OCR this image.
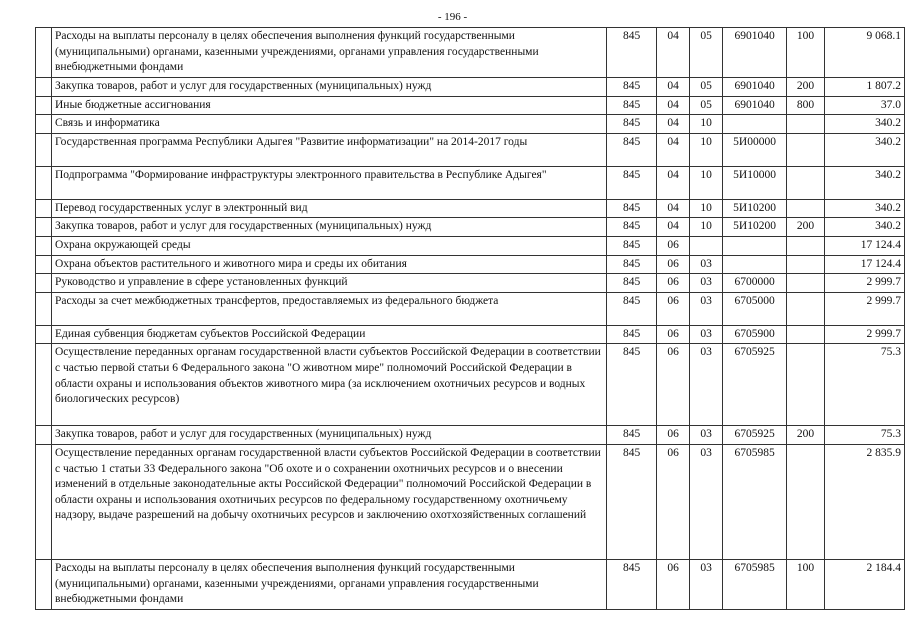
- 196 -
	Расходы на выплаты персоналу в целях обеспечения выполнения функций государственными (муниципальными) органами, казенными учреждениями, органами управления государственными внебюджетными фондами	845	04	05	6901040	100	9 068.1
	Закупка товаров, работ и услуг для государственных (муниципальных) нужд	845	04	05	6901040	200	1 807.2
	Иные бюджетные ассигнования	845	04	05	6901040	800	37.0
	Связь и информатика	845	04	10			340.2
	Государственная программа Республики Адыгея "Развитие информатизации" на 2014-2017 годы	845	04	10	5И00000		340.2
	Подпрограмма "Формирование инфраструктуры электронного правительства в Республике Адыгея"	845	04	10	5И10000		340.2
	Перевод государственных услуг в электронный вид	845	04	10	5И10200		340.2
	Закупка товаров, работ и услуг для государственных (муниципальных) нужд	845	04	10	5И10200	200	340.2
	Охрана окружающей среды	845	06				17 124.4
	Охрана объектов растительного и животного мира и среды их обитания	845	06	03			17 124.4
	Руководство и управление в сфере установленных функций	845	06	03	6700000		2 999.7
	Расходы за счет межбюджетных трансфертов, предоставляемых из федерального бюджета	845	06	03	6705000		2 999.7
	Единая субвенция бюджетам субъектов Российской Федерации	845	06	03	6705900		2 999.7
	Осуществление переданных органам государственной власти субъектов Российской Федерации в соответствии с частью первой статьи 6 Федерального закона "О животном мире" полномочий Российской Федерации в области охраны и использования объектов животного мира (за исключением охотничьих ресурсов и водных биологических ресурсов)	845	06	03	6705925		75.3
	Закупка товаров, работ и услуг для государственных (муниципальных) нужд	845	06	03	6705925	200	75.3
	Осуществление переданных органам государственной власти субъектов Российской Федерации в соответствии с частью 1 статьи 33 Федерального закона "Об охоте и о сохранении охотничьих ресурсов и о внесении изменений в отдельные законодательные акты Российской Федерации" полномочий Российской Федерации в области охраны и использования охотничьих ресурсов по федеральному государственному охотничьему надзору, выдаче разрешений на добычу охотничьих ресурсов и заключению охотхозяйственных соглашений	845	06	03	6705985		2 835.9
	Расходы на выплаты персоналу в целях обеспечения выполнения функций государственными (муниципальными) органами, казенными учреждениями, органами управления государственными внебюджетными фондами	845	06	03	6705985	100	2 184.4
